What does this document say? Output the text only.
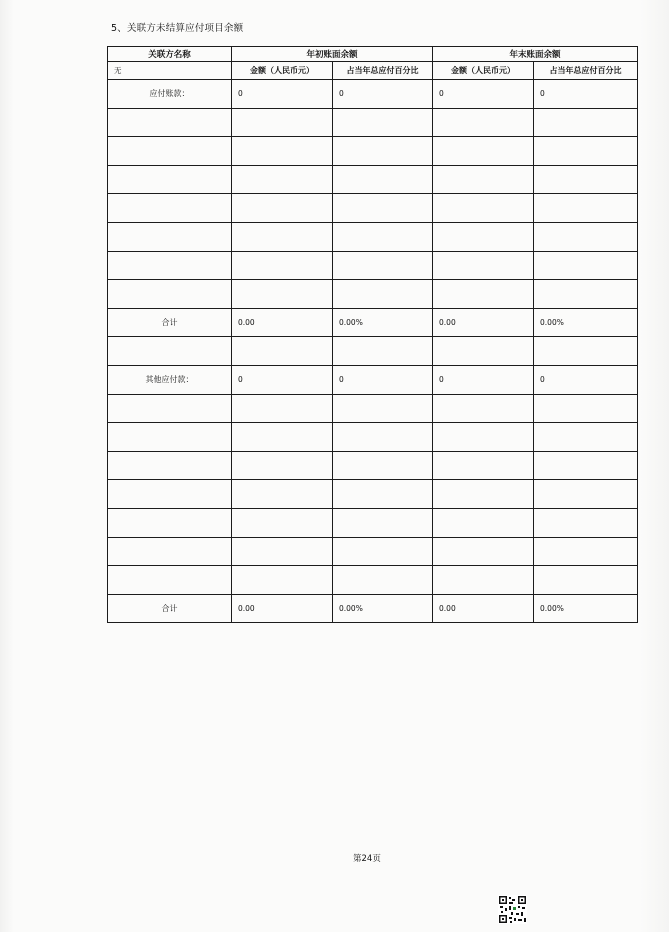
5、关联方未结算应付项目余额
关联方名称	年初账面余额		年末账面余额	
无	金额（人民币元）	占当年总应付百分比	金额（人民币元）	占当年总应付百分比
应付账款：	0	0	0	0

合计	0.00	0.00%	0.00	0.00%

其他应付款：	0	0	0	0

合计	0.00	0.00%	0.00	0.00%
第24页
